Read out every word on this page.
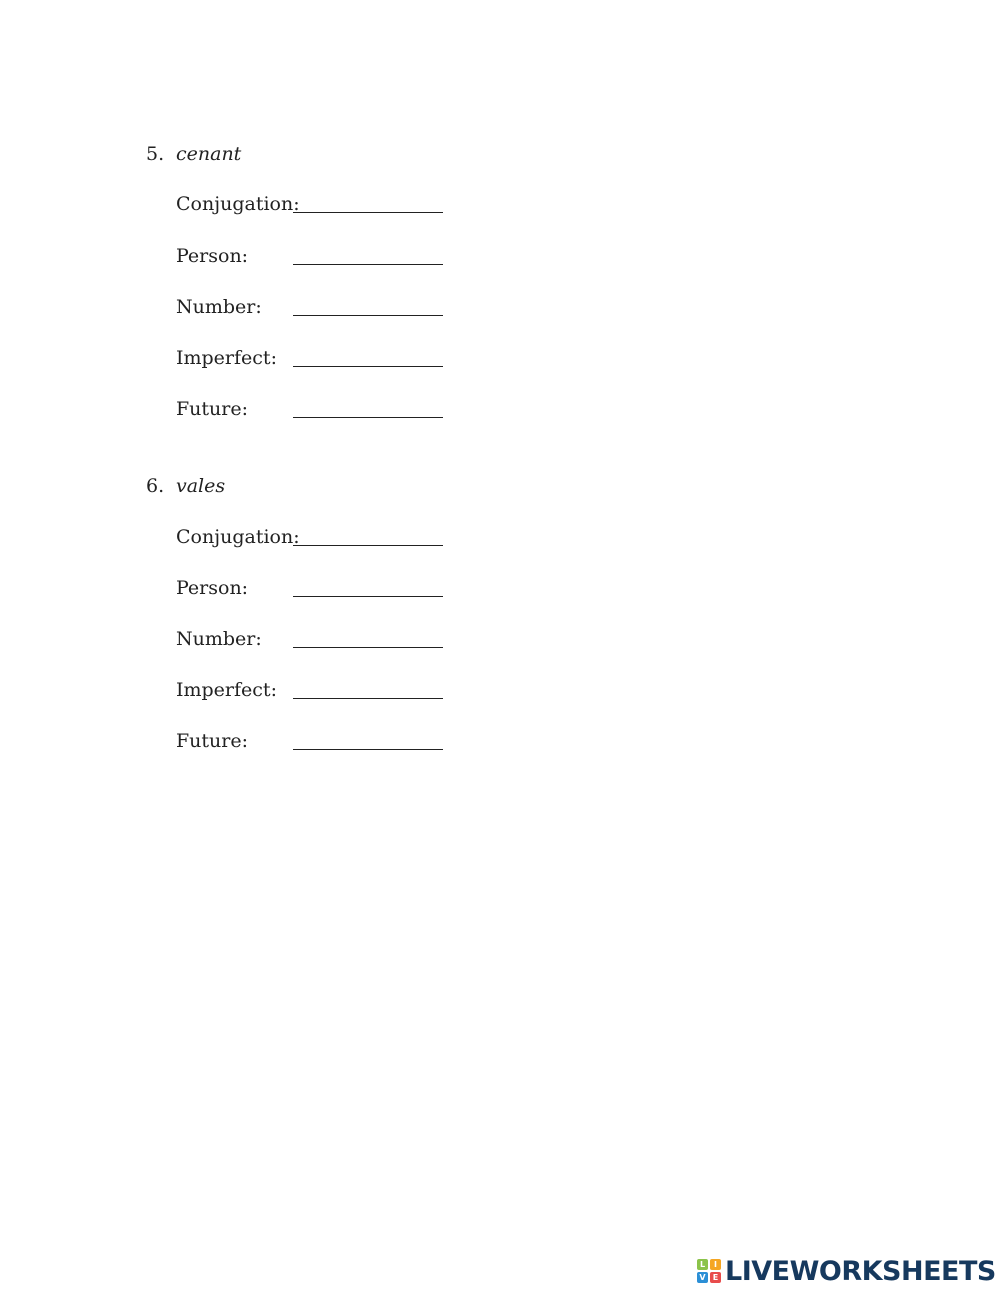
5. cenant
Conjugation:
Person:
Number:
Imperfect:
Future:
6. vales
Conjugation:
Person:
Number:
Imperfect:
Future:
L	I
V E LIVEWORKSHEETS
